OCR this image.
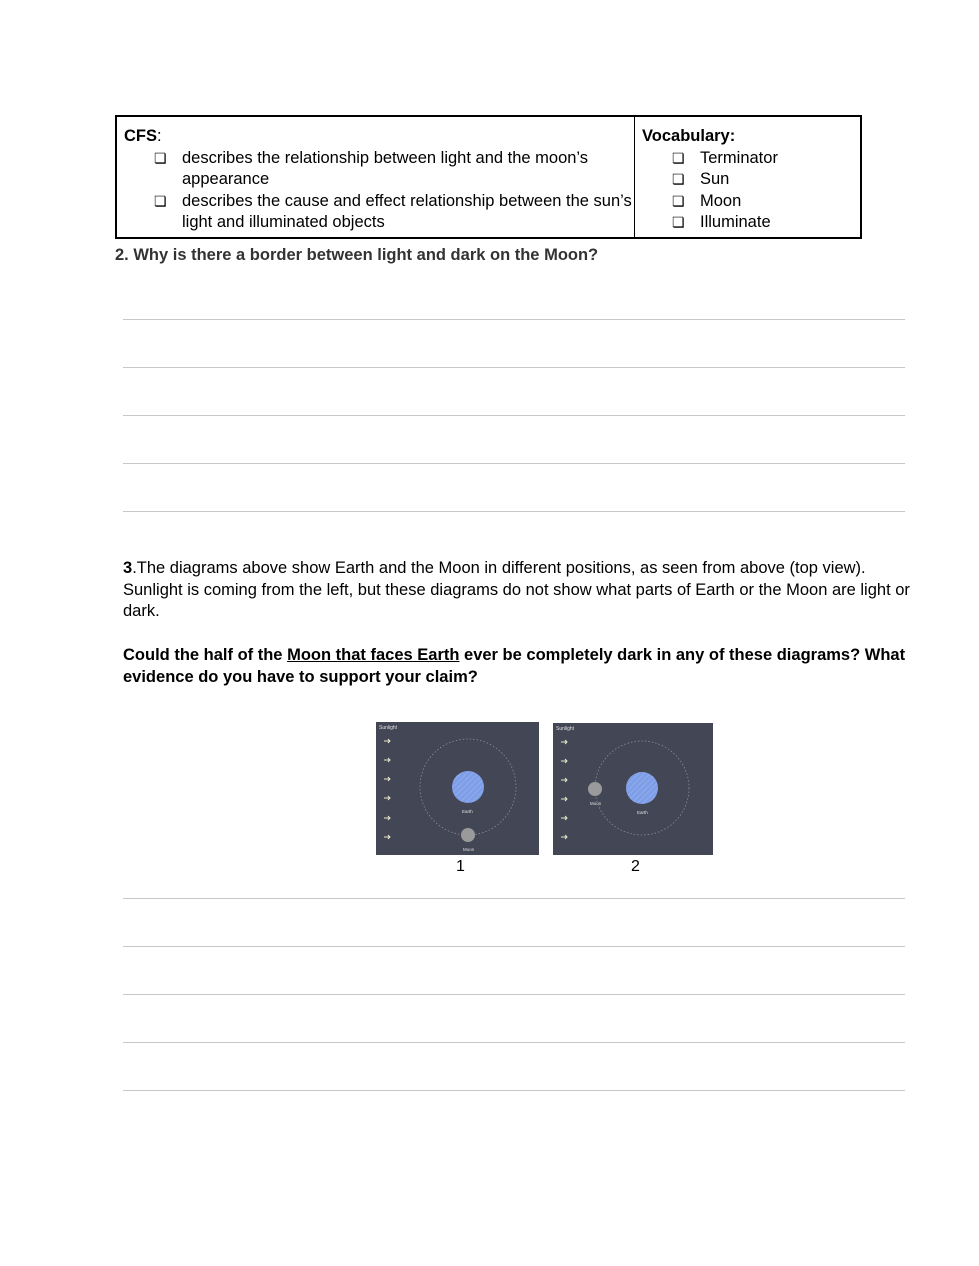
CFS:
❏ describes the relationship between light and the moon’s appearance
❏ describes the cause and effect relationship between the sun’s light and illuminated objects
Vocabulary:
❏ Terminator
❏ Sun
❏ Moon
❏ Illuminate
2. Why is there a border between light and dark on the Moon?

3.The diagrams above show Earth and the Moon in different positions, as seen from above (top view). Sunlight is coming from the left, but these diagrams do not show what parts of Earth or the Moon are light or dark.

Could the half of the Moon that faces Earth ever be completely dark in any of these diagrams? What evidence do you have to support your claim?

Sunlight
Earth
Moon
1
Sunlight
Earth
Moon
2
